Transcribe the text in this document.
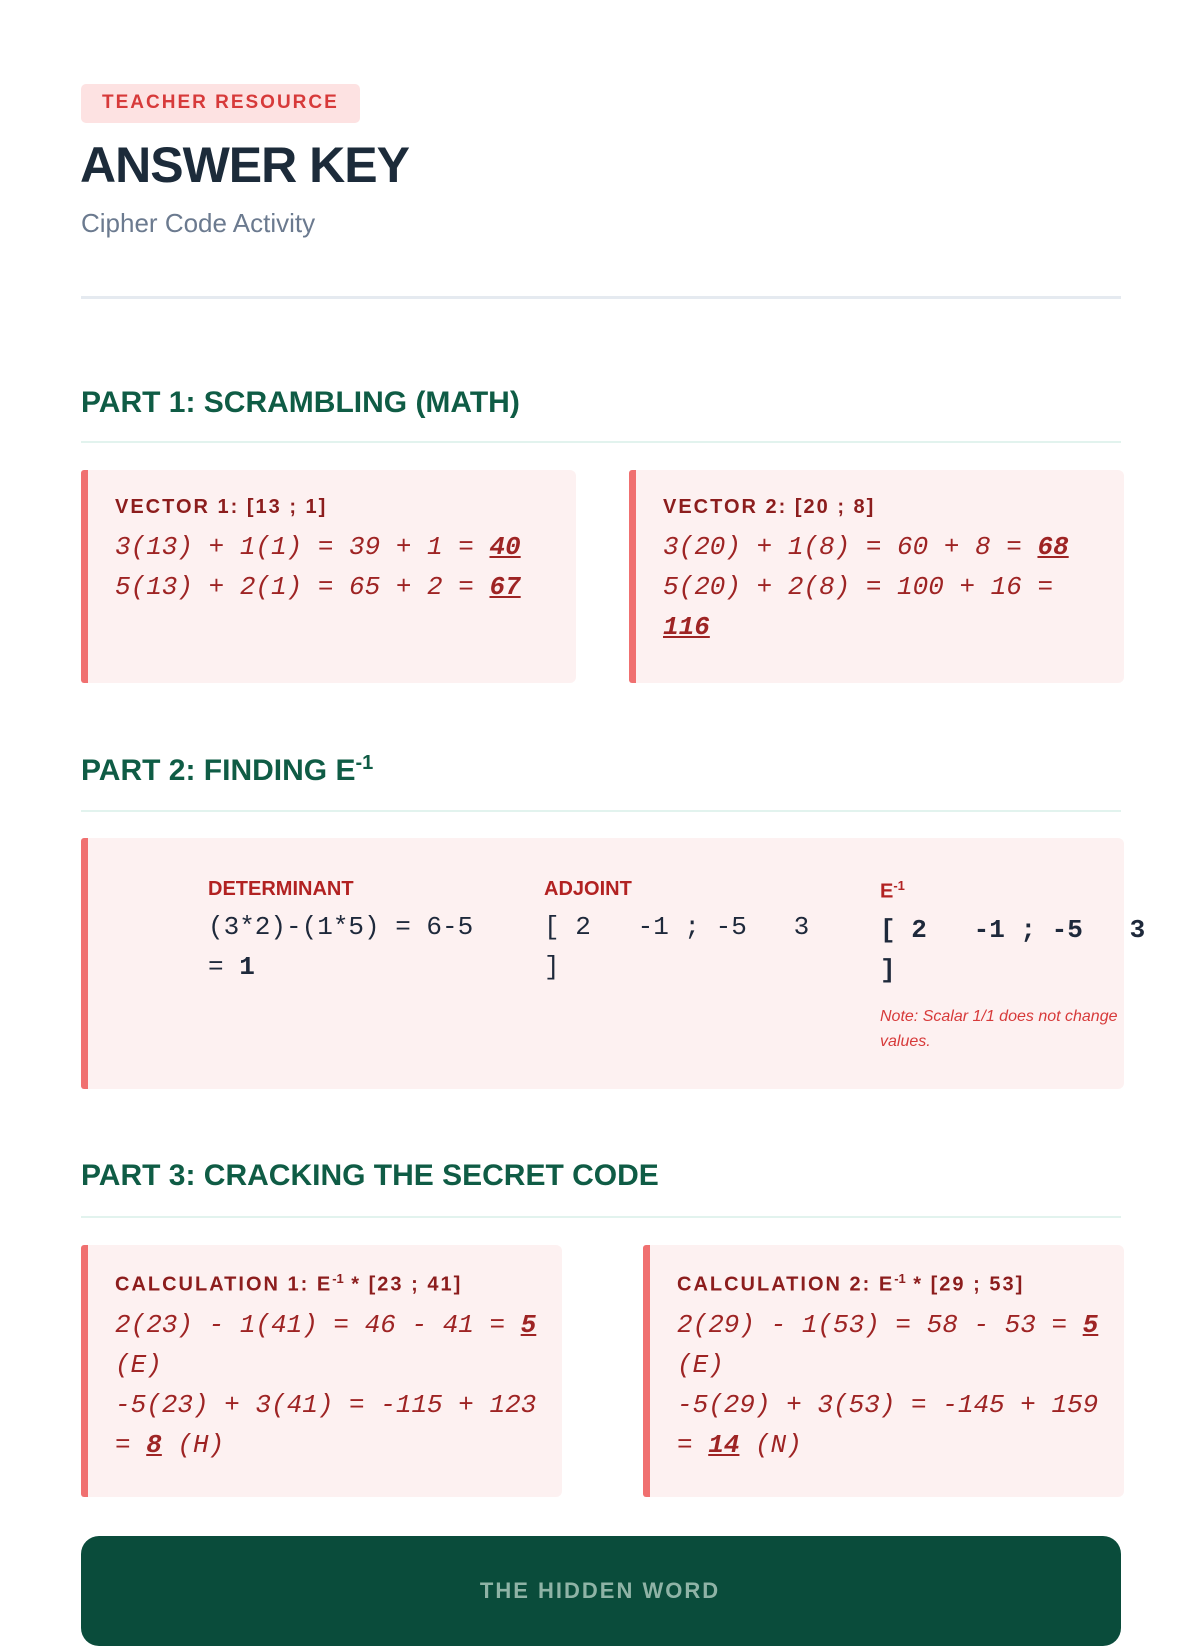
TEACHER RESOURCE
ANSWER KEY
Cipher Code Activity
PART 1: SCRAMBLING (MATH)
VECTOR 1: [13 ; 1]
3(13) + 1(1) = 39 + 1 = 40
5(13) + 2(1) = 65 + 2 = 67
VECTOR 2: [20 ; 8]
3(20) + 1(8) = 60 + 8 = 68
5(20) + 2(8) = 100 + 16 = 116
PART 2: FINDING $E^{-1}$
DETERMINANT
(3*2)-(1*5) = 6-5 = 1
ADJOINT
[ 2   -1 ; -5   3 ]
$E^{-1}$
[ 2   -1 ; -5   3 ]
Note: Scalar 1/1 does not change values.
PART 3: CRACKING THE SECRET CODE
CALCULATION 1: $E^{-1} * [23$ ; 41]
2(23) - 1(41) = 46 - 41 = 5 (E)
-5(23) + 3(41) = -115 + 123 = 8 (H)
CALCULATION 2: $E^{-1} * [29$ ; 53]
2(29) - 1(53) = 58 - 53 = 5 (E)
-5(29) + 3(53) = -145 + 159 = 14 (N)
THE HIDDEN WORD
